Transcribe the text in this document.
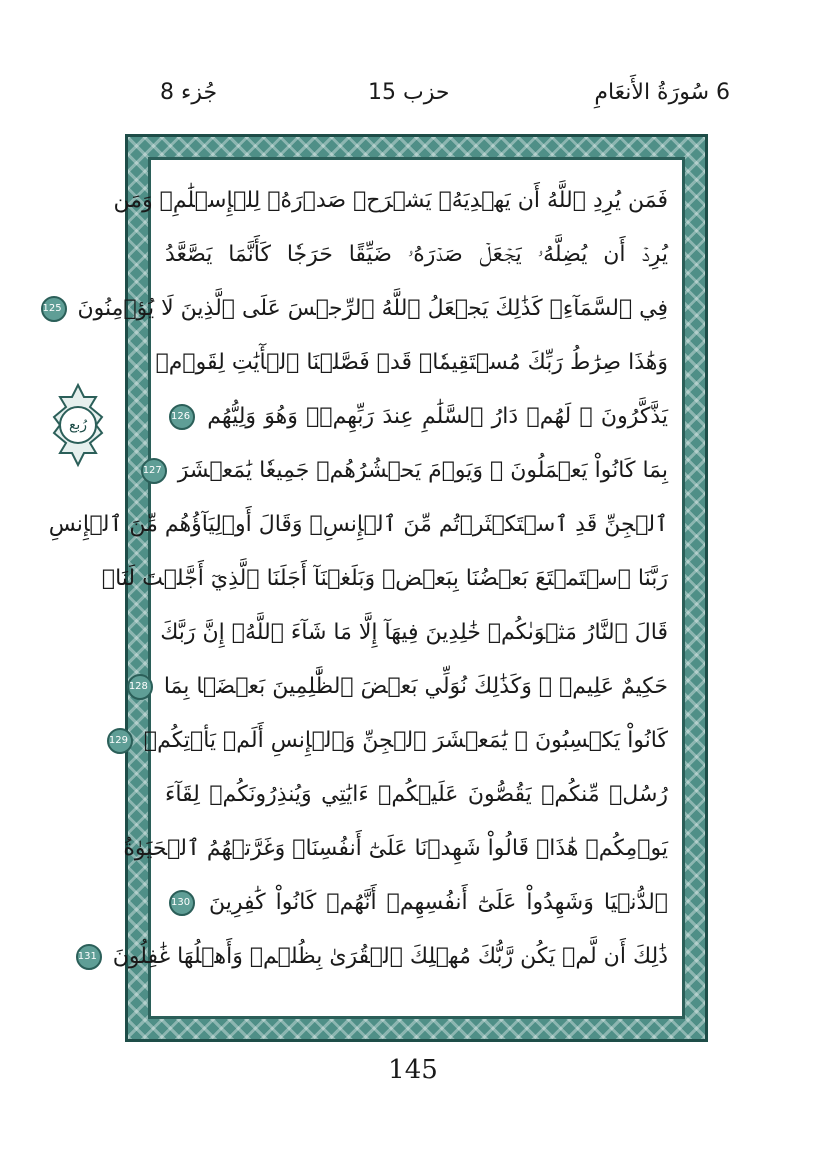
6 سُورَةُ الأَنعَامِ
حزب 15
جُزء 8
رُبع
فَمَن يُرِدِ ٱللَّهُ أَن يَهۡدِيَهُۥ يَشۡرَحۡ صَدۡرَهُۥ لِلۡإِسۡلَٰمِۖ وَمَن
يُرِدۡ أَن يُضِلَّهُۥ يَجۡعَلۡ صَدۡرَهُۥ ضَيِّقًا حَرَجٗا كَأَنَّمَا يَصَّعَّدُ
فِي ٱلسَّمَآءِۚ كَذَٰلِكَ يَجۡعَلُ ٱللَّهُ ٱلرِّجۡسَ عَلَى ٱلَّذِينَ لَا يُؤۡمِنُونَ 125
وَهَٰذَا صِرَٰطُ رَبِّكَ مُسۡتَقِيمٗاۗ قَدۡ فَصَّلۡنَا ٱلۡأٓيَٰتِ لِقَوۡمٖ
يَذَّكَّرُونَ ۞ لَهُمۡ دَارُ ٱلسَّلَٰمِ عِندَ رَبِّهِمۡۖ وَهُوَ وَلِيُّهُم 126
بِمَا كَانُواْ يَعۡمَلُونَ ۞ وَيَوۡمَ يَحۡشُرُهُمۡ جَمِيعٗا يَٰمَعۡشَرَ 127
ٱلۡجِنِّ قَدِ ٱسۡتَكۡثَرۡتُم مِّنَ ٱلۡإِنسِۖ وَقَالَ أَوۡلِيَآؤُهُم مِّنَ ٱلۡإِنسِ
رَبَّنَا ٱسۡتَمۡتَعَ بَعۡضُنَا بِبَعۡضٖ وَبَلَغۡنَآ أَجَلَنَا ٱلَّذِيٓ أَجَّلۡتَ لَنَاۚ
قَالَ ٱلنَّارُ مَثۡوَىٰكُمۡ خَٰلِدِينَ فِيهَآ إِلَّا مَا شَآءَ ٱللَّهُۚ إِنَّ رَبَّكَ
حَكِيمٌ عَلِيمٞ ۞ وَكَذَٰلِكَ نُوَلِّي بَعۡضَ ٱلظَّٰلِمِينَ بَعۡضَۢا بِمَا 128
كَانُواْ يَكۡسِبُونَ ۞ يَٰمَعۡشَرَ ٱلۡجِنِّ وَٱلۡإِنسِ أَلَمۡ يَأۡتِكُمۡ 129
رُسُلٞ مِّنكُمۡ يَقُصُّونَ عَلَيۡكُمۡ ءَايَٰتِي وَيُنذِرُونَكُمۡ لِقَآءَ
يَوۡمِكُمۡ هَٰذَاۚ قَالُواْ شَهِدۡنَا عَلَىٰٓ أَنفُسِنَاۖ وَغَرَّتۡهُمُ ٱلۡحَيَوٰةُ
ٱلدُّنۡيَا وَشَهِدُواْ عَلَىٰٓ أَنفُسِهِمۡ أَنَّهُمۡ كَانُواْ كَٰفِرِينَ 130
ذَٰلِكَ أَن لَّمۡ يَكُن رَّبُّكَ مُهۡلِكَ ٱلۡقُرَىٰ بِظُلۡمٖ وَأَهۡلُهَا غَٰفِلُونَ 131
145
